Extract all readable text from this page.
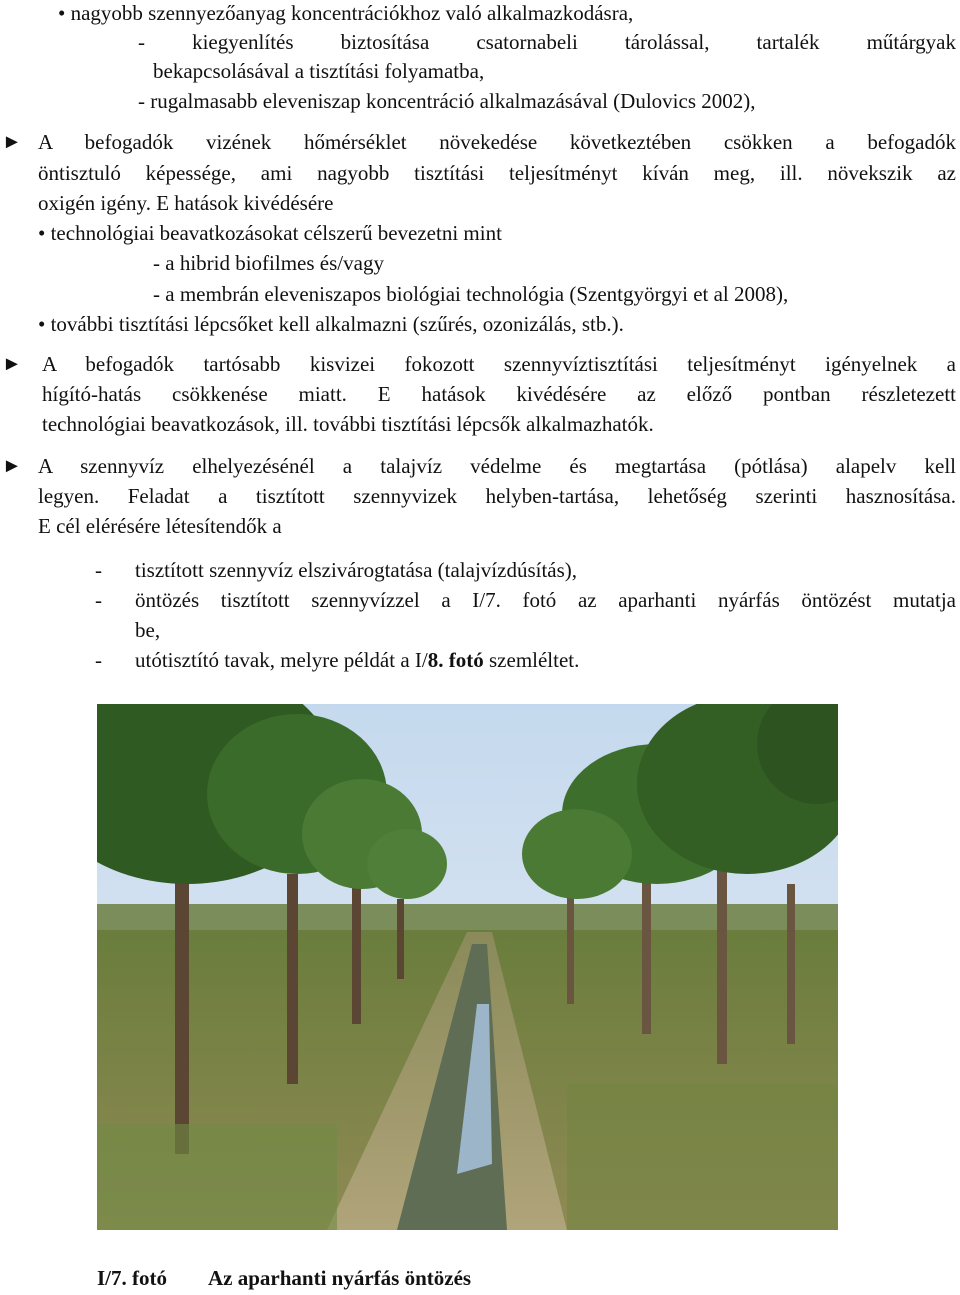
• nagyobb szennyezőanyag koncentrációkhoz való alkalmazkodásra,
- kiegyenlítés biztosítása csatornabeli tárolással, tartalék műtárgyak
bekapcsolásával a tisztítási folyamatba,
- rugalmasabb eleveniszap koncentráció alkalmazásával (Dulovics 2002),
► A befogadók vizének hőmérséklet növekedése következtében csökken a befogadók
öntisztuló képessége, ami nagyobb tisztítási teljesítményt kíván meg, ill. növekszik az
oxigén igény. E hatások kivédésére
• technológiai beavatkozásokat célszerű bevezetni mint
- a hibrid biofilmes és/vagy
- a membrán eleveniszapos biológiai technológia (Szentgyörgyi et al 2008),
• további tisztítási lépcsőket kell alkalmazni (szűrés, ozonizálás, stb.).
► A befogadók tartósabb kisvizei fokozott szennyvíztisztítási teljesítményt igényelnek a
hígító-hatás csökkenése miatt. E hatások kivédésére az előző pontban részletezett
technológiai beavatkozások, ill. további tisztítási lépcsők alkalmazhatók.
► A szennyvíz elhelyezésénél a talajvíz védelme és megtartása (pótlása) alapelv kell
legyen. Feladat a tisztított szennyvizek helyben-tartása, lehetőség szerinti hasznosítása.
E cél elérésére létesítendők a
- tisztított szennyvíz elszivárogtatása (talajvízdúsítás),
- öntözés tisztított szennyvízzel a I/7. fotó az aparhanti nyárfás öntözést mutatja
be,
- utótisztító tavak, melyre példát a I/8. fotó szemléltet.
I/7. fotó Az aparhanti nyárfás öntözés
